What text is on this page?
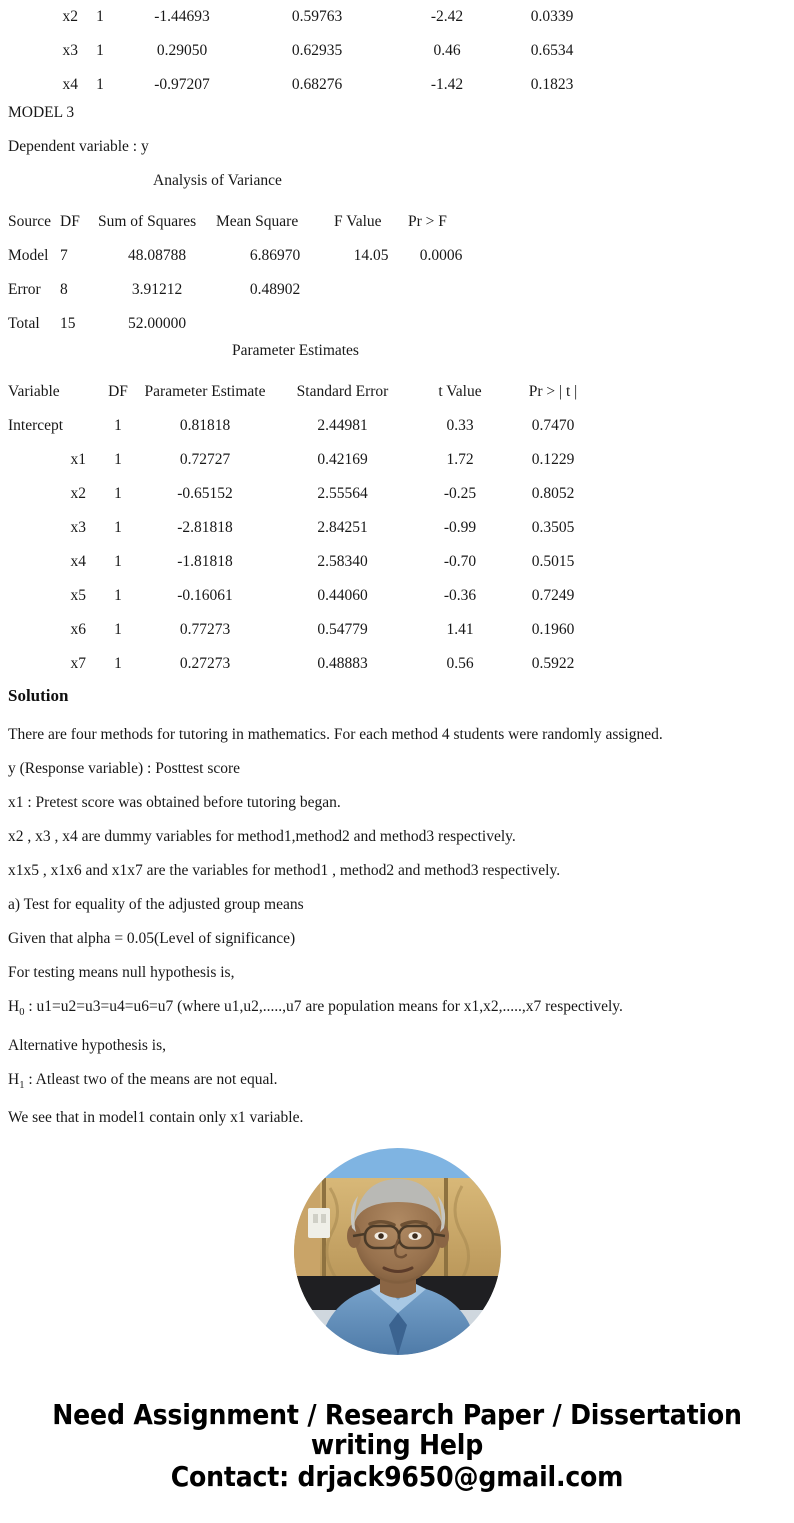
x2	1	-1.44693	0.59763	-2.42	0.0339
x3	1	0.29050	0.62935	0.46	0.6534
x4	1	-0.97207	0.68276	-1.42	0.1823
MODEL 3
Dependent variable : y
Analysis of Variance
Source	DF	Sum of Squares	Mean Square	F Value	Pr > F
Model	7	48.08788	6.86970	14.05	0.0006
Error	8	3.91212	0.48902		
Total	15	52.00000			
Parameter Estimates
Variable	DF	Parameter Estimate	Standard Error	t Value	Pr > | t |
Intercept	1	0.81818	2.44981	0.33	0.7470
x1	1	0.72727	0.42169	1.72	0.1229
x2	1	-0.65152	2.55564	-0.25	0.8052
x3	1	-2.81818	2.84251	-0.99	0.3505
x4	1	-1.81818	2.58340	-0.70	0.5015
x5	1	-0.16061	0.44060	-0.36	0.7249
x6	1	0.77273	0.54779	1.41	0.1960
x7	1	0.27273	0.48883	0.56	0.5922
Solution
There are four methods for tutoring in mathematics. For each method 4 students were randomly assigned.
y (Response variable) : Posttest score
x1 : Pretest score was obtained before tutoring began.
x2 , x3 , x4 are dummy variables for method1,method2 and method3 respectively.
x1x5 , x1x6 and x1x7 are the variables for method1 , method2 and method3 respectively.
a) Test for equality of the adjusted group means
Given that alpha = 0.05(Level of significance)
For testing means null hypothesis is,
$H_0$ : u1=u2=u3=u4=u6=u7 (where u1,u2,.....,u7 are population means for x1,x2,.....,x7 respectively.
Alternative hypothesis is,
$H_1$ : Atleast two of the means are not equal.
We see that in model1 contain only x1 variable.
Need Assignment / Research Paper / Dissertation
writing Help
Contact: drjack9650@gmail.com
